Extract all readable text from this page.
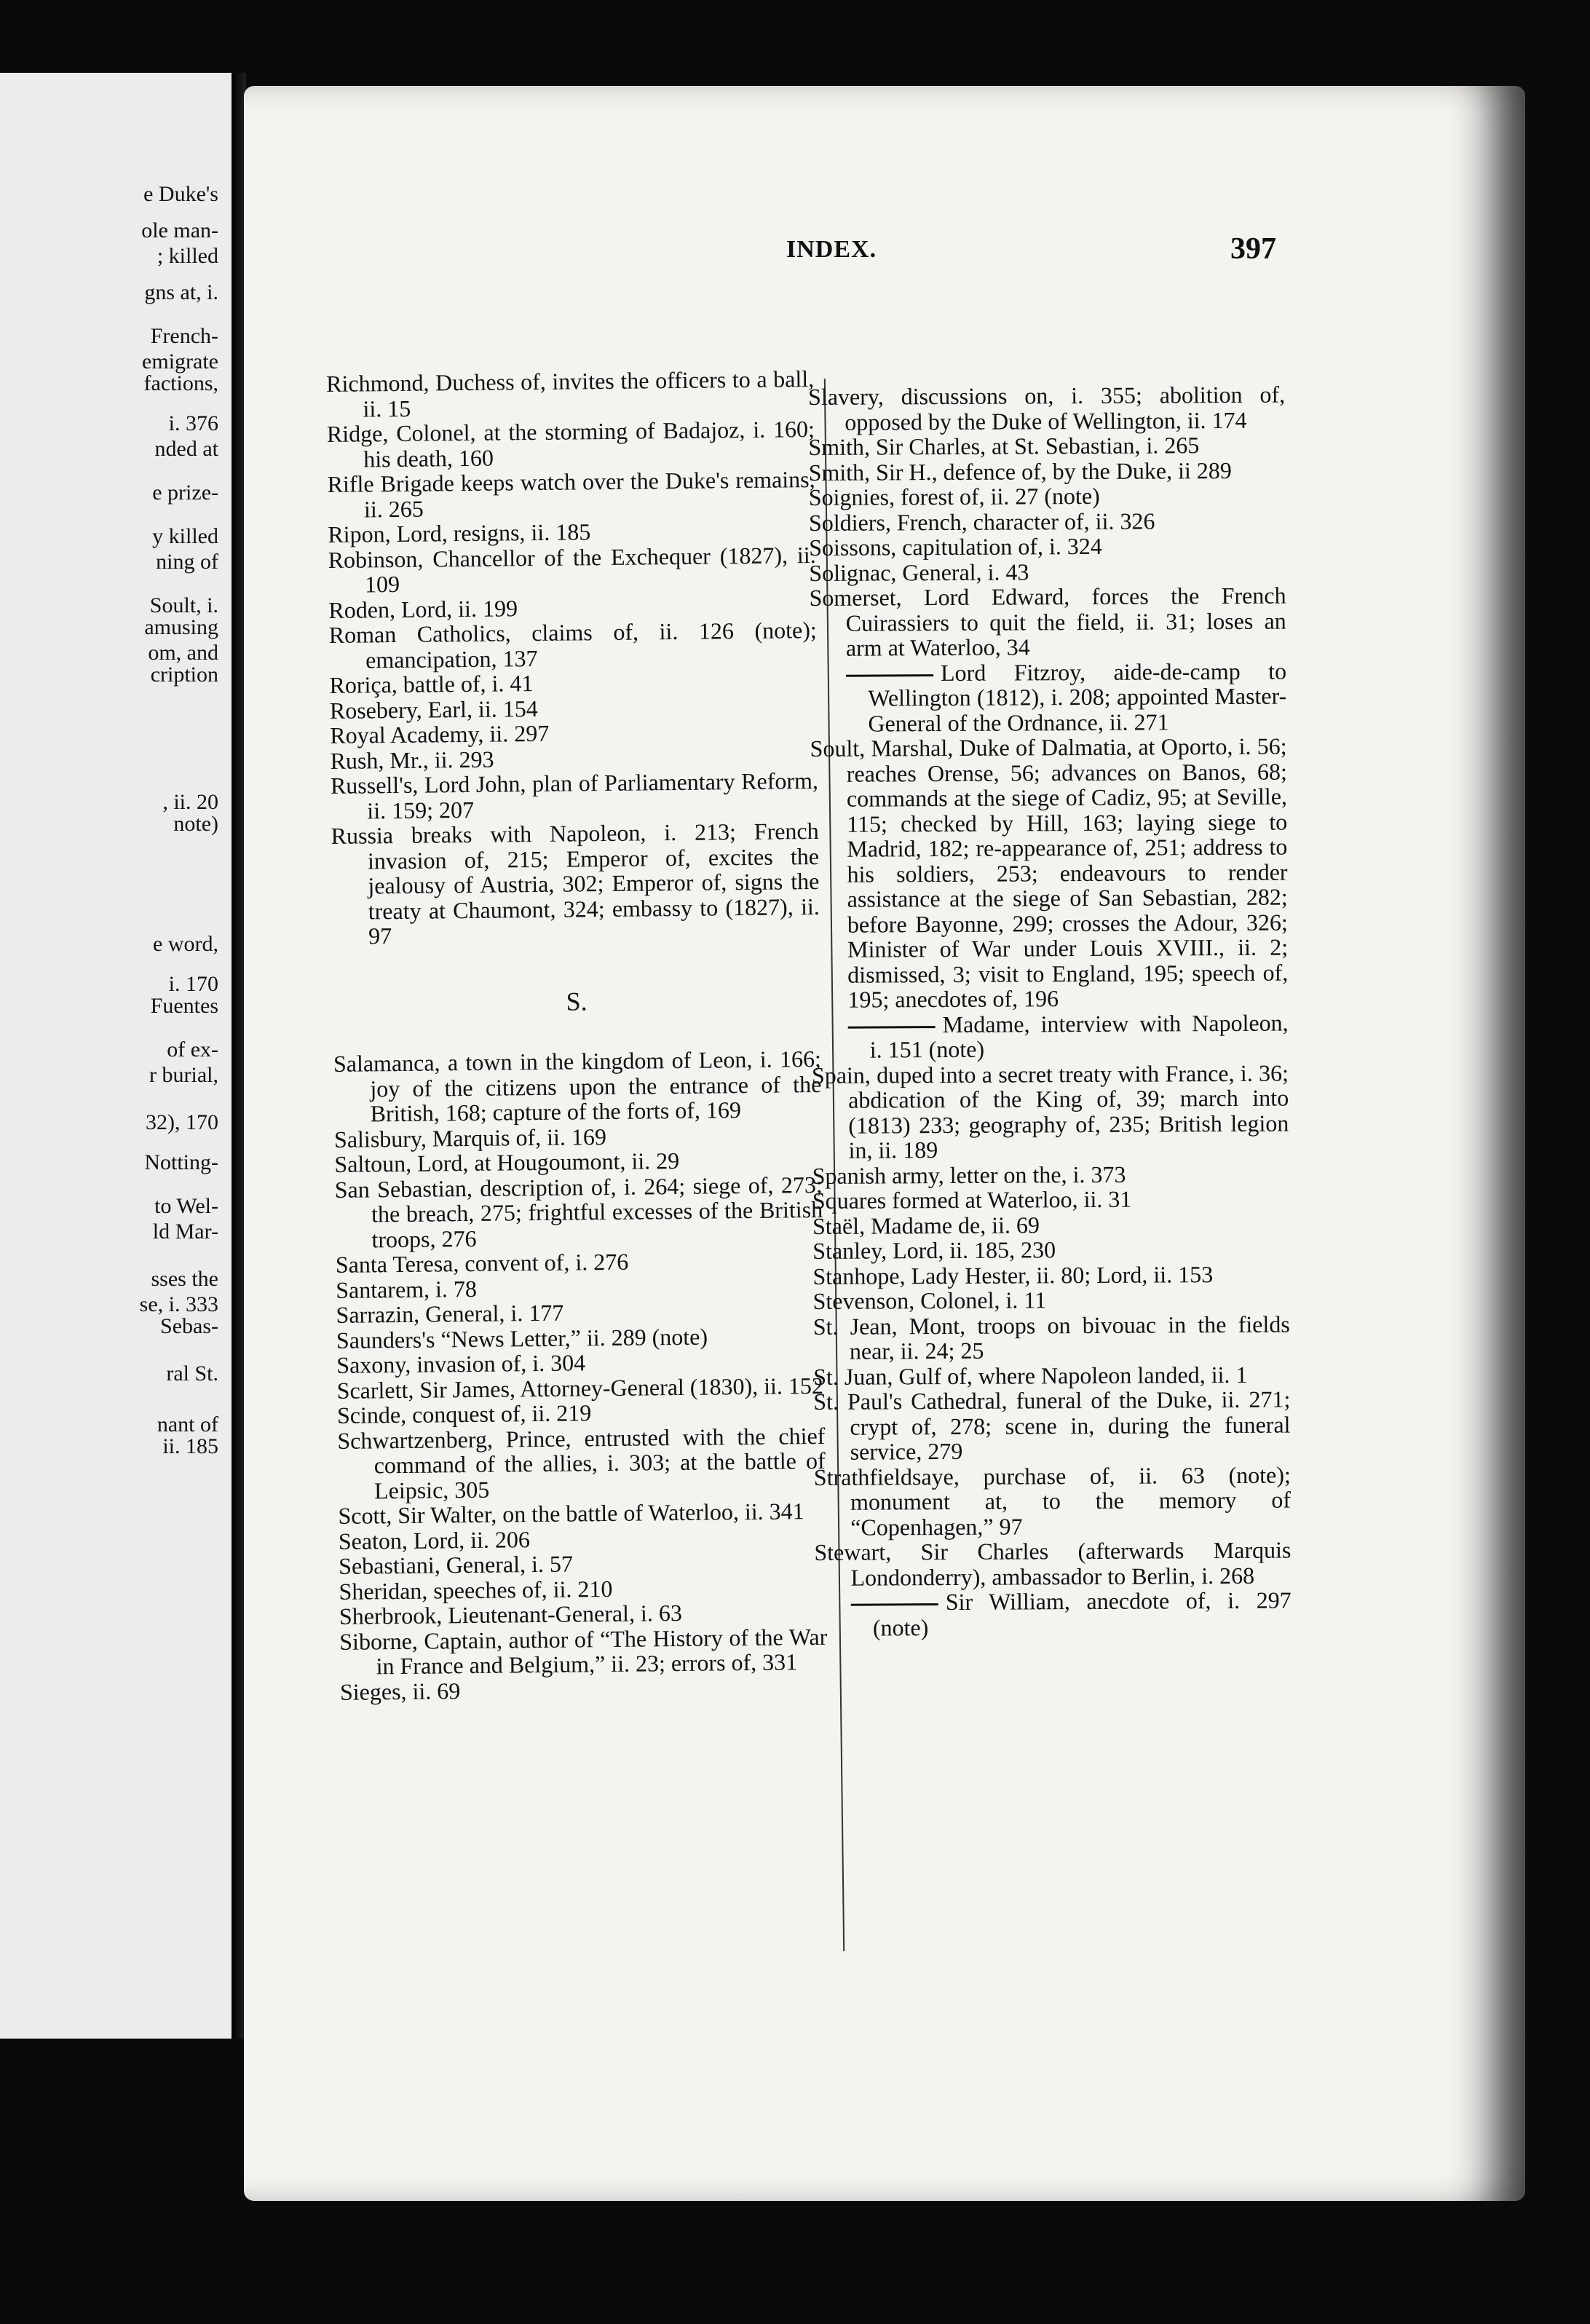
e Duke's
ole man-
; killed
gns at, i.
French-
emigrate
factions,
i. 376
nded at
e prize-
y killed
ning of
Soult, i.
amusing
om, and
cription
, ii. 20
note)
e word,
i. 170
Fuentes
of ex-
r burial,
32), 170
Notting-
to Wel-
ld Mar-
sses the
se, i. 333
Sebas-
ral St.
nant of
ii. 185
INDEX.	397

Richmond, Duchess of, invites the officers to a ball, ii. 15

Ridge, Colonel, at the storming of Badajoz, i. 160; his death, 160

Rifle Brigade keeps watch over the Duke's remains, ii. 265

Ripon, Lord, resigns, ii. 185

Robinson, Chancellor of the Exchequer (1827), ii. 109

Roden, Lord, ii. 199

Roman Catholics, claims of, ii. 126 (note); emancipation, 137

Roriça, battle of, i. 41

Rosebery, Earl, ii. 154

Royal Academy, ii. 297

Rush, Mr., ii. 293

Russell's, Lord John, plan of Parliamentary Reform, ii. 159; 207

Russia breaks with Napoleon, i. 213; French invasion of, 215; Emperor of, excites the jealousy of Austria, 302; Emperor of, signs the treaty at Chaumont, 324; embassy to (1827), ii. 97

S.

Salamanca, a town in the kingdom of Leon, i. 166; joy of the citizens upon the entrance of the British, 168; capture of the forts of, 169

Salisbury, Marquis of, ii. 169

Saltoun, Lord, at Hougoumont, ii. 29

San Sebastian, description of, i. 264; siege of, 273; the breach, 275; frightful excesses of the British troops, 276

Santa Teresa, convent of, i. 276

Santarem, i. 78

Sarrazin, General, i. 177

Saunders's “News Letter,” ii. 289 (note)

Saxony, invasion of, i. 304

Scarlett, Sir James, Attorney-General (1830), ii. 152

Scinde, conquest of, ii. 219

Schwartzenberg, Prince, entrusted with the chief command of the allies, i. 303; at the battle of Leipsic, 305

Scott, Sir Walter, on the battle of Waterloo, ii. 341

Seaton, Lord, ii. 206

Sebastiani, General, i. 57

Sheridan, speeches of, ii. 210

Sherbrook, Lieutenant-General, i. 63

Siborne, Captain, author of “The History of the War in France and Belgium,” ii. 23; errors of, 331

Sieges, ii. 69

Slavery, discussions on, i. 355; abolition of, opposed by the Duke of Wellington, ii. 174

Smith, Sir Charles, at St. Sebastian, i. 265

Smith, Sir H., defence of, by the Duke, ii 289

Soignies, forest of, ii. 27 (note)

Soldiers, French, character of, ii. 326

Soissons, capitulation of, i. 324

Solignac, General, i. 43

Somerset, Lord Edward, forces the French Cuirassiers to quit the field, ii. 31; loses an arm at Waterloo, 34

Lord Fitzroy, aide-de-camp to Wellington (1812), i. 208; appointed Master-General of the Ordnance, ii. 271

Soult, Marshal, Duke of Dalmatia, at Oporto, i. 56; reaches Orense, 56; advances on Banos, 68; commands at the siege of Cadiz, 95; at Seville, 115; checked by Hill, 163; laying siege to Madrid, 182; re-appearance of, 251; address to his soldiers, 253; endeavours to render assistance at the siege of San Sebastian, 282; before Bayonne, 299; crosses the Adour, 326; Minister of War under Louis XVIII., ii. 2; dismissed, 3; visit to England, 195; speech of, 195; anecdotes of, 196

Madame, interview with Napoleon, i. 151 (note)

Spain, duped into a secret treaty with France, i. 36; abdication of the King of, 39; march into (1813) 233; geography of, 235; British legion in, ii. 189

Spanish army, letter on the, i. 373

Squares formed at Waterloo, ii. 31

Staël, Madame de, ii. 69

Stanley, Lord, ii. 185, 230

Stanhope, Lady Hester, ii. 80; Lord, ii. 153

Stevenson, Colonel, i. 11

St. Jean, Mont, troops on bivouac in the fields near, ii. 24; 25

St. Juan, Gulf of, where Napoleon landed, ii. 1

St. Paul's Cathedral, funeral of the Duke, ii. 271; crypt of, 278; scene in, during the funeral service, 279

Strathfieldsaye, purchase of, ii. 63 (note); monument at, to the memory of “Copenhagen,” 97

Stewart, Sir Charles (afterwards Marquis Londonderry), ambassador to Berlin, i. 268

Sir William, anecdote of, i. 297 (note)
